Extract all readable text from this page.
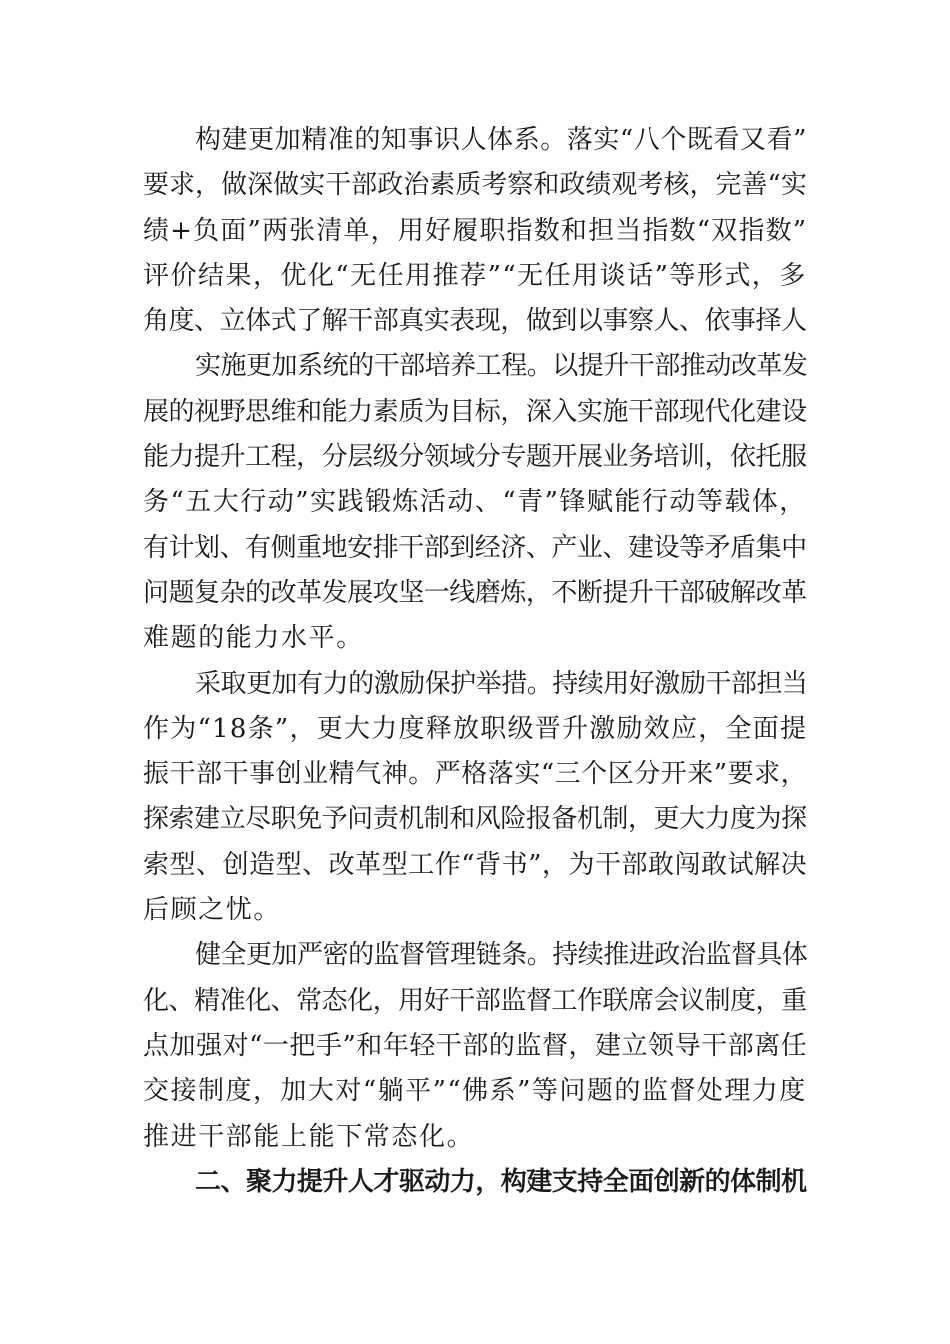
构建更加精准的知事识人体系。落实“八个既看又看”
要求，做深做实干部政治素质考察和政绩观考核，完善“实
绩+负面”两张清单，用好履职指数和担当指数“双指数”
评价结果，优化“无任用推荐”“无任用谈话”等形式，多
角度、立体式了解干部真实表现，做到以事察人、依事择人
实施更加系统的干部培养工程。以提升干部推动改革发
展的视野思维和能力素质为目标，深入实施干部现代化建设
能力提升工程，分层级分领域分专题开展业务培训，依托服
务“五大行动”实践锻炼活动、“青”锋赋能行动等载体，
有计划、有侧重地安排干部到经济、产业、建设等矛盾集中
问题复杂的改革发展攻坚一线磨炼，不断提升干部破解改革
难题的能力水平。
采取更加有力的激励保护举措。持续用好激励干部担当
作为“18条”，更大力度释放职级晋升激励效应，全面提
振干部干事创业精气神。严格落实“三个区分开来”要求，
探索建立尽职免予问责机制和风险报备机制，更大力度为探
索型、创造型、改革型工作“背书”，为干部敢闯敢试解决
后顾之忧。
健全更加严密的监督管理链条。持续推进政治监督具体
化、精准化、常态化，用好干部监督工作联席会议制度，重
点加强对“一把手”和年轻干部的监督，建立领导干部离任
交接制度，加大对“躺平”“佛系”等问题的监督处理力度
推进干部能上能下常态化。
二、聚力提升人才驱动力，构建支持全面创新的体制机
